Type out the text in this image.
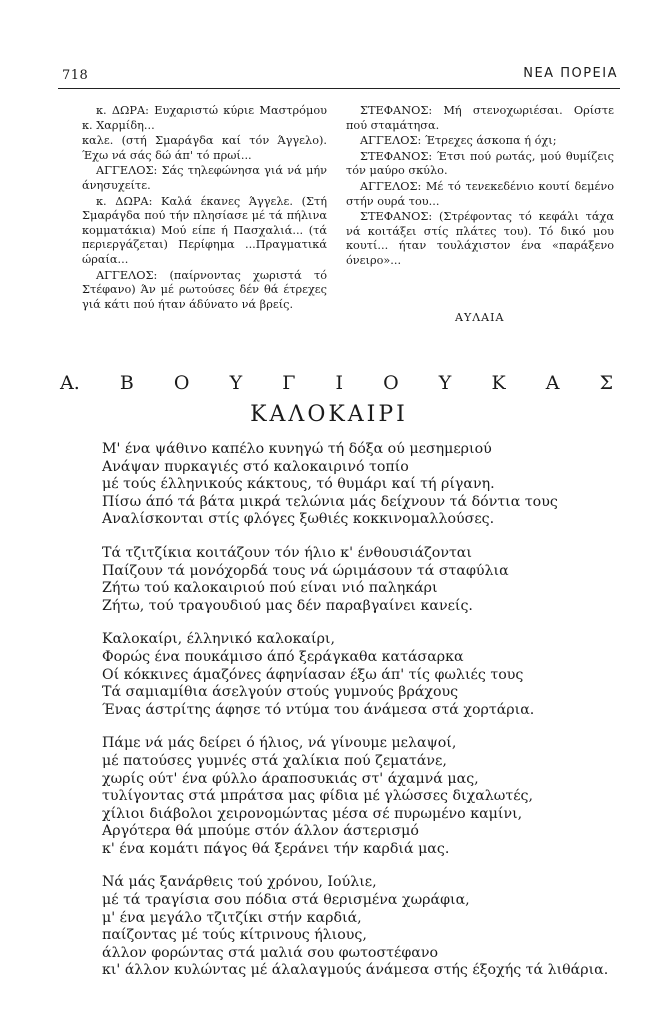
718	ΝΕΑ ΠΟΡΕΙΑ

κ. ΔΩΡΑ: Ευχαριστώ κύριε Μαστρόμου κ. Χαρμίδη...

καλε. (στή Σμαράγδα καί τόν Άγγελο). Έχω νά σάς δώ άπ' τό πρωί...

ΑΓΓΕΛΟΣ: Σάς τηλεφώνησα γιά νά μήν άνησυχείτε.

κ. ΔΩΡΑ: Καλά έκανες Άγγελε. (Στή Σμαράγδα πού τήν πλησίασε μέ τά πήλινα κομματάκια) Μού είπε ή Πασχαλιά... (τά περιεργάζεται) Περίφημα ...Πραγματικά ώραία...

ΑΓΓΕΛΟΣ: (παίρνοντας χωριστά τό Στέφανο) Άν μέ ρωτούσες δέν θά έτρεχες γιά κάτι πού ήταν άδύνατο νά βρείς.

ΣΤΕΦΑΝΟΣ: Μή στενοχωριέσαι. Ορίστε πού σταμάτησα.

ΑΓΓΕΛΟΣ: Έτρεχες άσκοπα ή όχι;

ΣΤΕΦΑΝΟΣ: Έτσι πού ρωτάς, μού θυμίζεις τόν μαύρο σκύλο.

ΑΓΓΕΛΟΣ: Μέ τό τενεκεδένιο κουτί δεμένο στήν ουρά του...

ΣΤΕΦΑΝΟΣ: (Στρέφοντας τό κεφάλι τάχα νά κοιτάξει στίς πλάτες του). Τό δικό μου κουτί... ήταν τουλάχιστον ένα «παράξενο όνειρο»...

ΑΥΛΑΙΑ
Α. Β Ο Υ Γ Ι Ο Υ Κ Α Σ
ΚΑΛΟΚΑΙΡΙ
Μ' ένα ψάθινο καπέλο κυνηγώ τή δόξα ού μεσημεριού
Ανάψαν πυρκαγιές στό καλοκαιρινό τοπίο
μέ τούς έλληνικούς κάκτους, τό θυμάρι καί τή ρίγανη.
Πίσω άπό τά βάτα μικρά τελώνια μάς δείχνουν τά δόντια τους
Αναλίσκονται στίς φλόγες ξωθιές κοκκινομαλλούσες.
Τά τζιτζίκια κοιτάζουν τόν ήλιο κ' ένθουσιάζονται
Παίζουν τά μονόχορδά τους νά ώριμάσουν τά σταφύλια
Ζήτω τού καλοκαιριού πού είναι νιό παληκάρι
Ζήτω, τού τραγουδιού μας δέν παραβγαίνει κανείς.
Καλοκαίρι, έλληνικό καλοκαίρι,
Φορώς ένα πουκάμισο άπό ξεράγκαθα κατάσαρκα
Οί κόκκινες άμαζόνες άφηνίασαν έξω άπ' τίς φωλιές τους
Τά σαμιαμίθια άσελγούν στούς γυμνούς βράχους
Ένας άστρίτης άφησε τό ντύμα του άνάμεσα στά χορτάρια.
Πάμε νά μάς δείρει ό ήλιος, νά γίνουμε μελαψοί,
μέ πατούσες γυμνές στά χαλίκια πού ζεματάνε,
χωρίς ούτ' ένα φύλλο άραποσυκιάς στ' άχαμνά μας,
τυλίγοντας στά μπράτσα μας φίδια μέ γλώσσες διχαλωτές,
χίλιοι διάβολοι χειρονομώντας μέσα σέ πυρωμένο καμίνι,
Αργότερα θά μπούμε στόν άλλον άστερισμό
κ' ένα κομάτι πάγος θά ξεράνει τήν καρδιά μας.
Νά μάς ξανάρθεις τού χρόνου, Ιούλιε,
μέ τά τραγίσια σου πόδια στά θερισμένα χωράφια,
μ' ένα μεγάλο τζιτζίκι στήν καρδιά,
παίζοντας μέ τούς κίτρινους ήλιους,
άλλον φορώντας στά μαλιά σου φωτοστέφανο
κι' άλλον κυλώντας μέ άλαλαγμούς άνάμεσα στής έξοχής τά λιθάρια.
